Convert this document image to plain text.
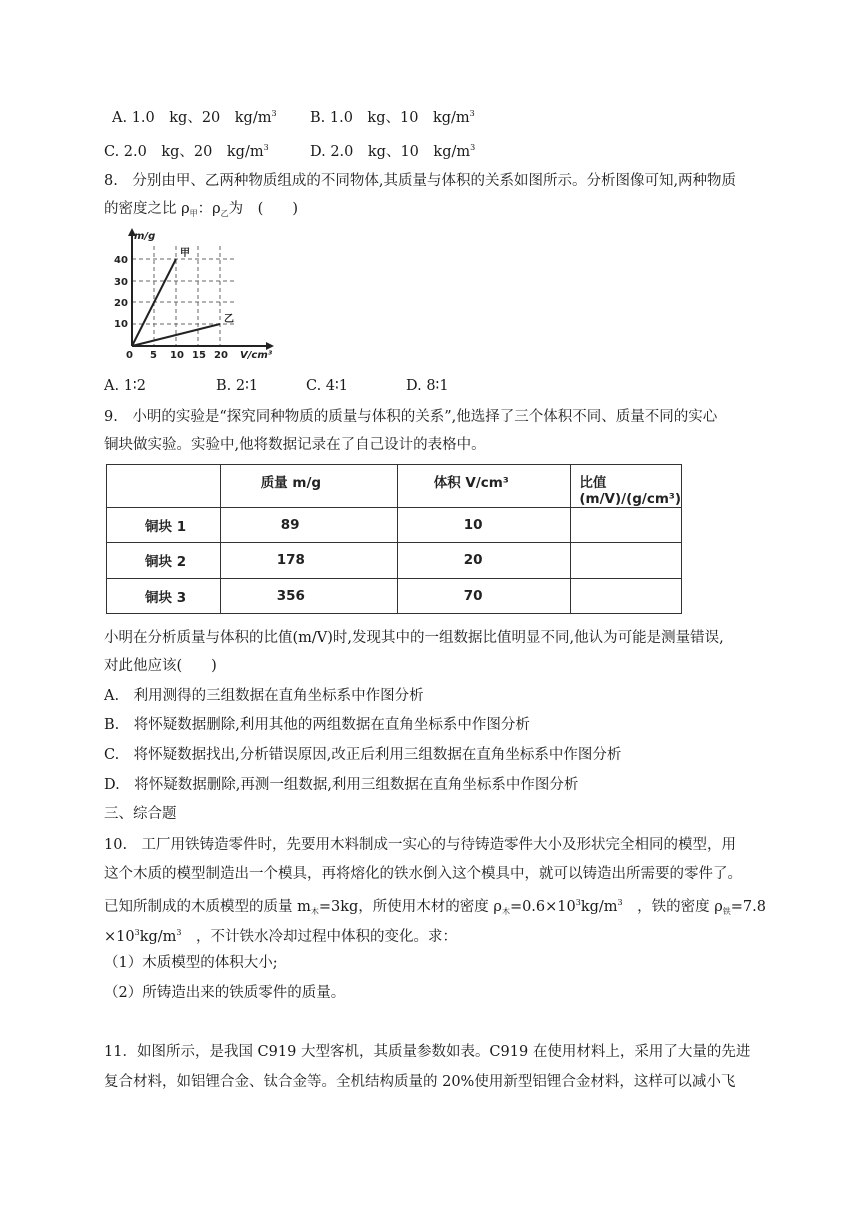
A. 1.0　kg、20　$kg/m^3$ B. 1.0　kg、10　$kg/m^3$
C. 2.0　kg、20　$kg/m^3$	D. 2.0　kg、10　$kg/m^3$
8.　分别由甲、乙两种物质组成的不同物体,其质量与体积的关系如图所示。分析图像可知,两种物质
的密度之比 $\rho_甲$：$\rho_乙$为　(　　)
m/g
V/cm³
10
20
30
40
0 5 10 15 20
甲
乙
A. 1∶2	B. 2∶1	C. 4∶1	D. 8∶1
9.　小明的实验是“探究同种物质的质量与体积的关系”,他选择了三个体积不同、质量不同的实心
铜块做实验。实验中,他将数据记录在了自己设计的表格中。
	质量 m/g	体积 V/cm³	比值(m/V)/(g/cm³)
铜块 1	89	10	
铜块 2	178	20	
铜块 3	356	70	
小明在分析质量与体积的比值(m/V)时,发现其中的一组数据比值明显不同,他认为可能是测量错误,
对此他应该(　　)
A.　利用测得的三组数据在直角坐标系中作图分析
B.　将怀疑数据删除,利用其他的两组数据在直角坐标系中作图分析
C.　将怀疑数据找出,分析错误原因,改正后利用三组数据在直角坐标系中作图分析
D.　将怀疑数据删除,再测一组数据,利用三组数据在直角坐标系中作图分析
三、综合题
10.　工厂用铁铸造零件时，先要用木料制成一实心的与待铸造零件大小及形状完全相同的模型，用
这个木质的模型制造出一个模具，再将熔化的铁水倒入这个模具中，就可以铸造出所需要的零件了。
已知所制成的木质模型的质量 $m_木=3kg$，所使用木材的密度 $\rho_木=0.6\times 10^3kg/m^3$　，铁的密度 $\rho_铁=7.8$
$\times 10^3kg/m^3$　，不计铁水冷却过程中体积的变化。求：
（1）木质模型的体积大小;
（2）所铸造出来的铁质零件的质量。
11．如图所示，是我国 C919 大型客机，其质量参数如表。C919 在使用材料上，采用了大量的先进
复合材料，如铝锂合金、钛合金等。全机结构质量的 20%使用新型铝锂合金材料，这样可以减小飞
